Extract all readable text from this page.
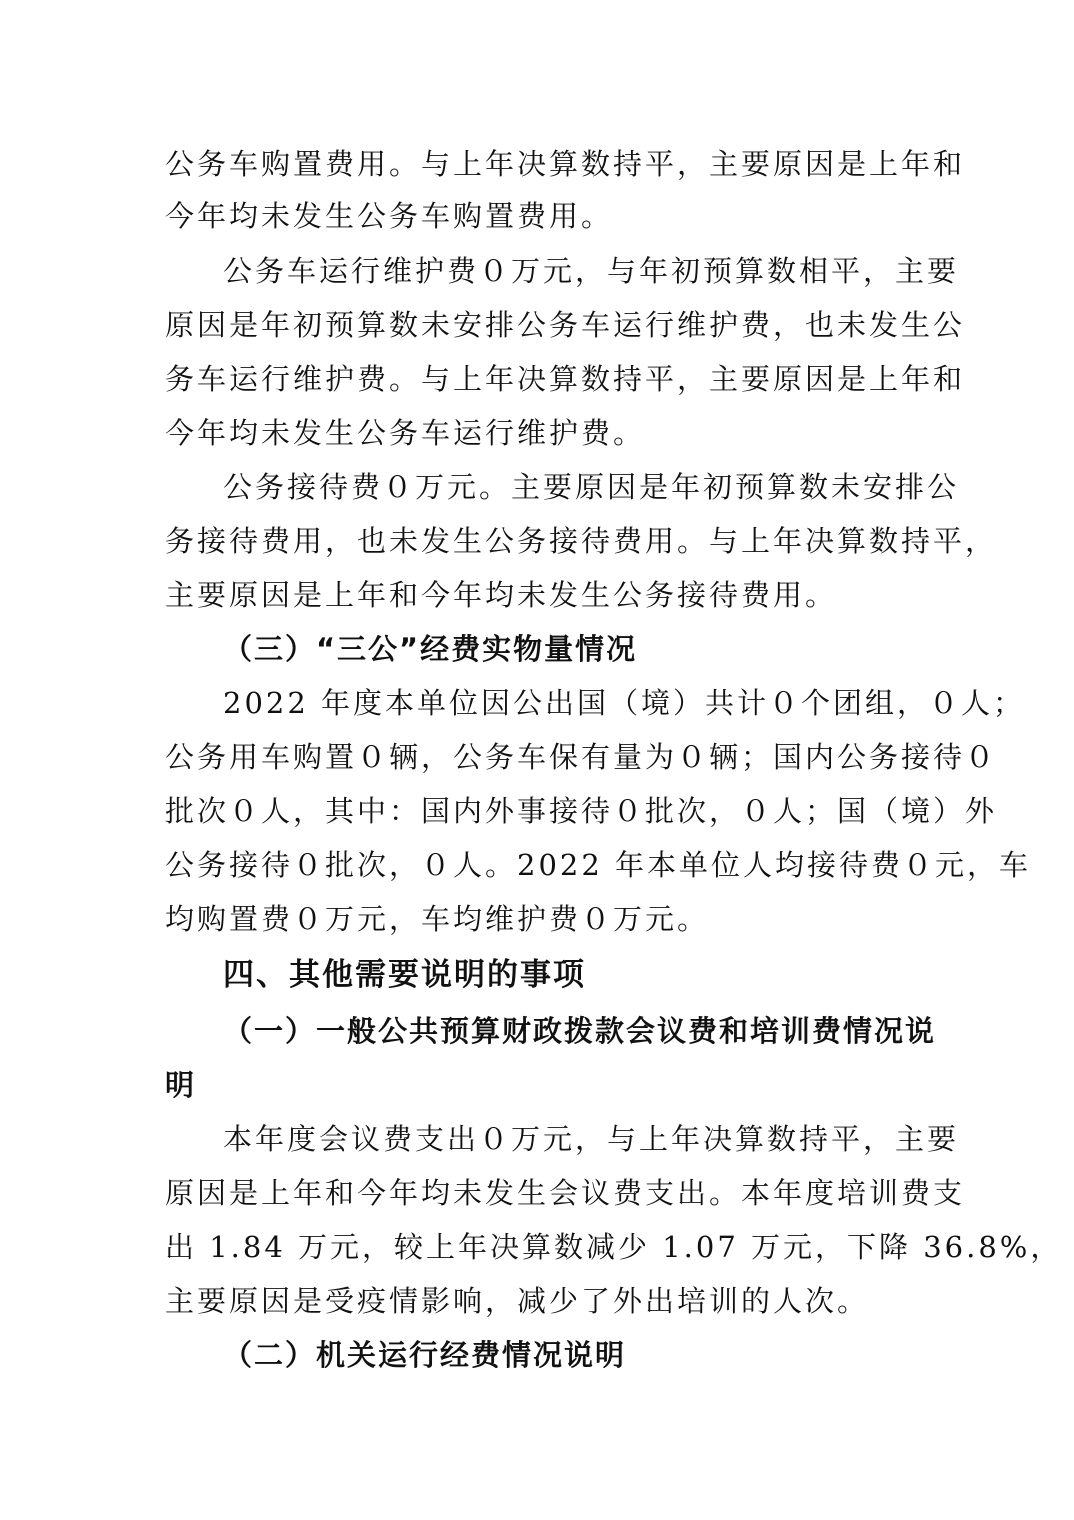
公务车购置费用。与上年决算数持平，主要原因是上年和
今年均未发生公务车购置费用。
公务车运行维护费０万元，与年初预算数相平，主要
原因是年初预算数未安排公务车运行维护费，也未发生公
务车运行维护费。与上年决算数持平，主要原因是上年和
今年均未发生公务车运行维护费。
公务接待费０万元。主要原因是年初预算数未安排公
务接待费用，也未发生公务接待费用。与上年决算数持平，
主要原因是上年和今年均未发生公务接待费用。
（三）“三公”经费实物量情况
2022 年度本单位因公出国（境）共计０个团组，０人；
公务用车购置０辆，公务车保有量为０辆；国内公务接待０
批次０人，其中：国内外事接待０批次，０人；国（境）外
公务接待０批次，０人。2022 年本单位人均接待费０元，车
均购置费０万元，车均维护费０万元。
四、其他需要说明的事项
（一）一般公共预算财政拨款会议费和培训费情况说
明
本年度会议费支出０万元，与上年决算数持平，主要
原因是上年和今年均未发生会议费支出。本年度培训费支
出 1.84 万元，较上年决算数减少 1.07 万元，下降 36.8%，
主要原因是受疫情影响，减少了外出培训的人次。
（二）机关运行经费情况说明
